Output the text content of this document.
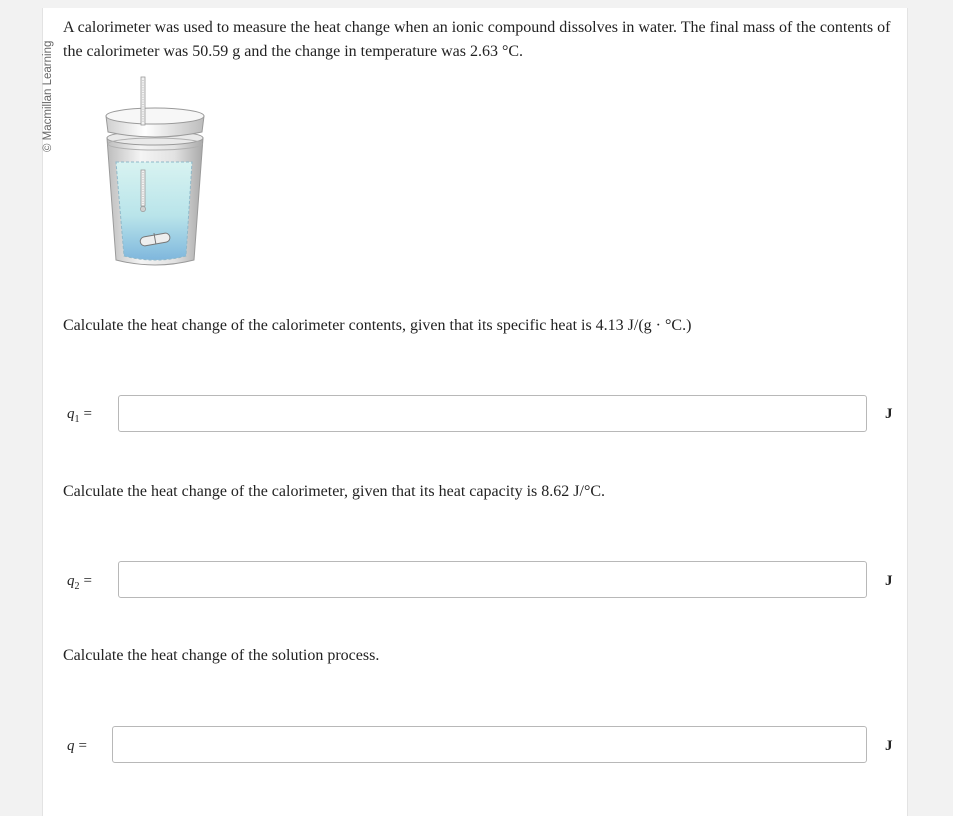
© Macmillan Learning

A calorimeter was used to measure the heat change when an ionic compound dissolves in water. The final mass of the contents of the calorimeter was 50.59 g and the change in temperature was 2.63 °C.

Calculate the heat change of the calorimeter contents, given that its specific heat is 4.13 J/(g · °C.)

$q_1$ =	J

Calculate the heat change of the calorimeter, given that its heat capacity is 8.62 J/°C.

$q_2$ =	J

Calculate the heat change of the solution process.

q =	J
